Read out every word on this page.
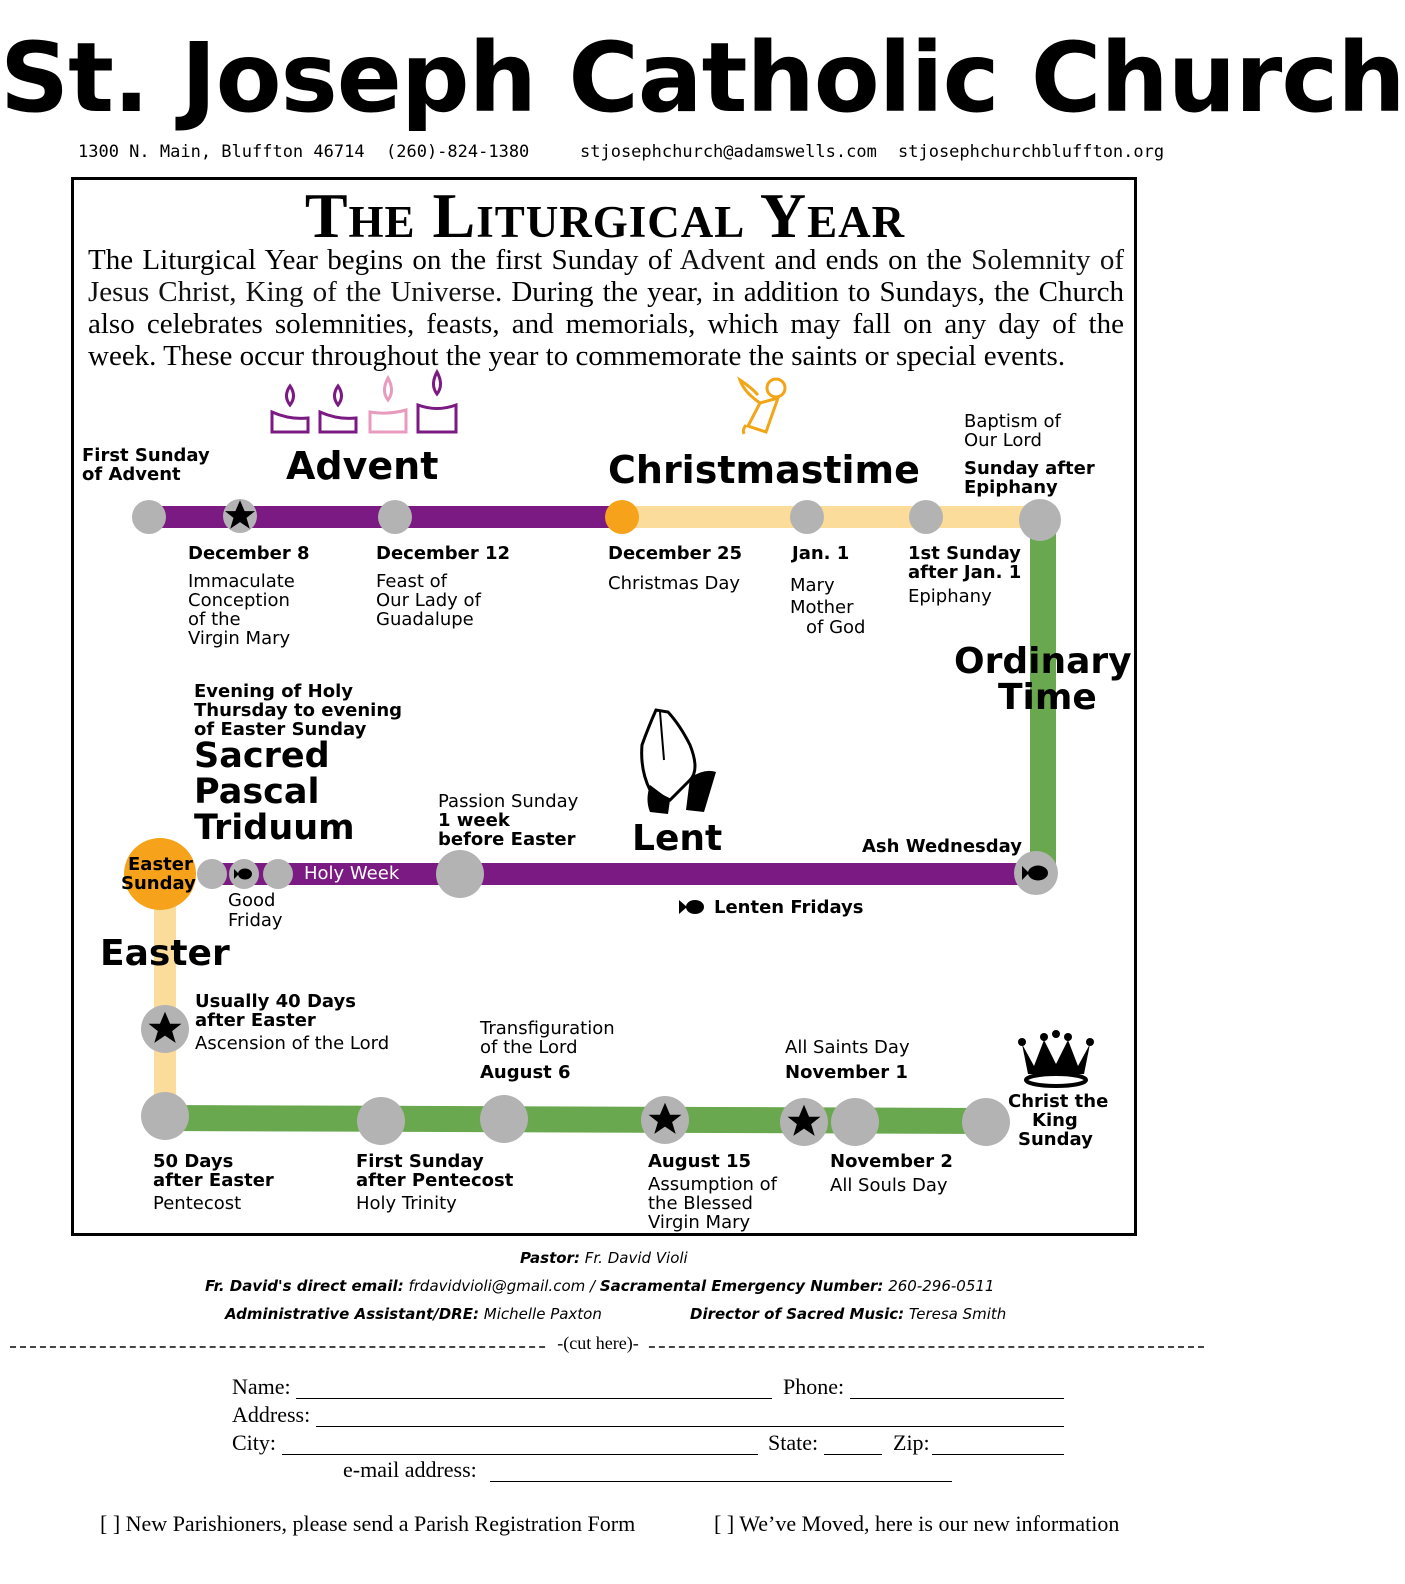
St. Joseph Catholic Church
1300 N. Main, Bluffton 46714 (260)-824-1380	stjosephchurch@adamswells.com stjosephchurchbluffton.org
The Liturgical Year
The Liturgical Year begins on the first Sunday of Advent and ends on the Solemnity of Jesus Christ, King of the Universe. During the year, in addition to Sundays, the Church also celebrates solemnities, feasts, and memorials, which may fall on any day of the week. These occur throughout the year to commemorate the saints or special events.
Advent	Christmastime
Ordinary
Time
Lent
Sacred
Pascal
Triduum
Easter
Holy Week
First Sunday
of Advent
December 8
Immaculate
Conception
of the
Virgin Mary
December 12
Feast of
Our Lady of
Guadalupe
December 25
Christmas Day
Jan. 1
Mary
Mother
of God
1st Sunday
after Jan. 1
Epiphany
Baptism of
Our Lord
Sunday after
Epiphany
Evening of Holy
Thursday to evening
of Easter Sunday
Passion Sunday
1 week
before Easter	Ash Wednesday
Easter
Sunday
Good
Friday
Lenten Fridays
Usually 40 Days
after Easter
Ascension of the Lord
Transfiguration
of the Lord
August 6
All Saints Day
November 1
Christ the
King
Sunday
50 Days
after Easter
Pentecost
First Sunday
after Pentecost
Holy Trinity
August 15
Assumption of
the Blessed
Virgin Mary
November 2
All Souls Day
Pastor: Fr. David Violi
Fr. David's direct email: frdavidvioli@gmail.com / Sacramental Emergency Number: 260-296-0511
Administrative Assistant/DRE: Michelle Paxton	Director of Sacred Music: Teresa Smith
-(cut here)-
Name:	Phone:
Address:
City:	State:	Zip:
e-mail address:
[ ] New Parishioners, please send a Parish Registration Form	[ ] We’ve Moved, here is our new information
